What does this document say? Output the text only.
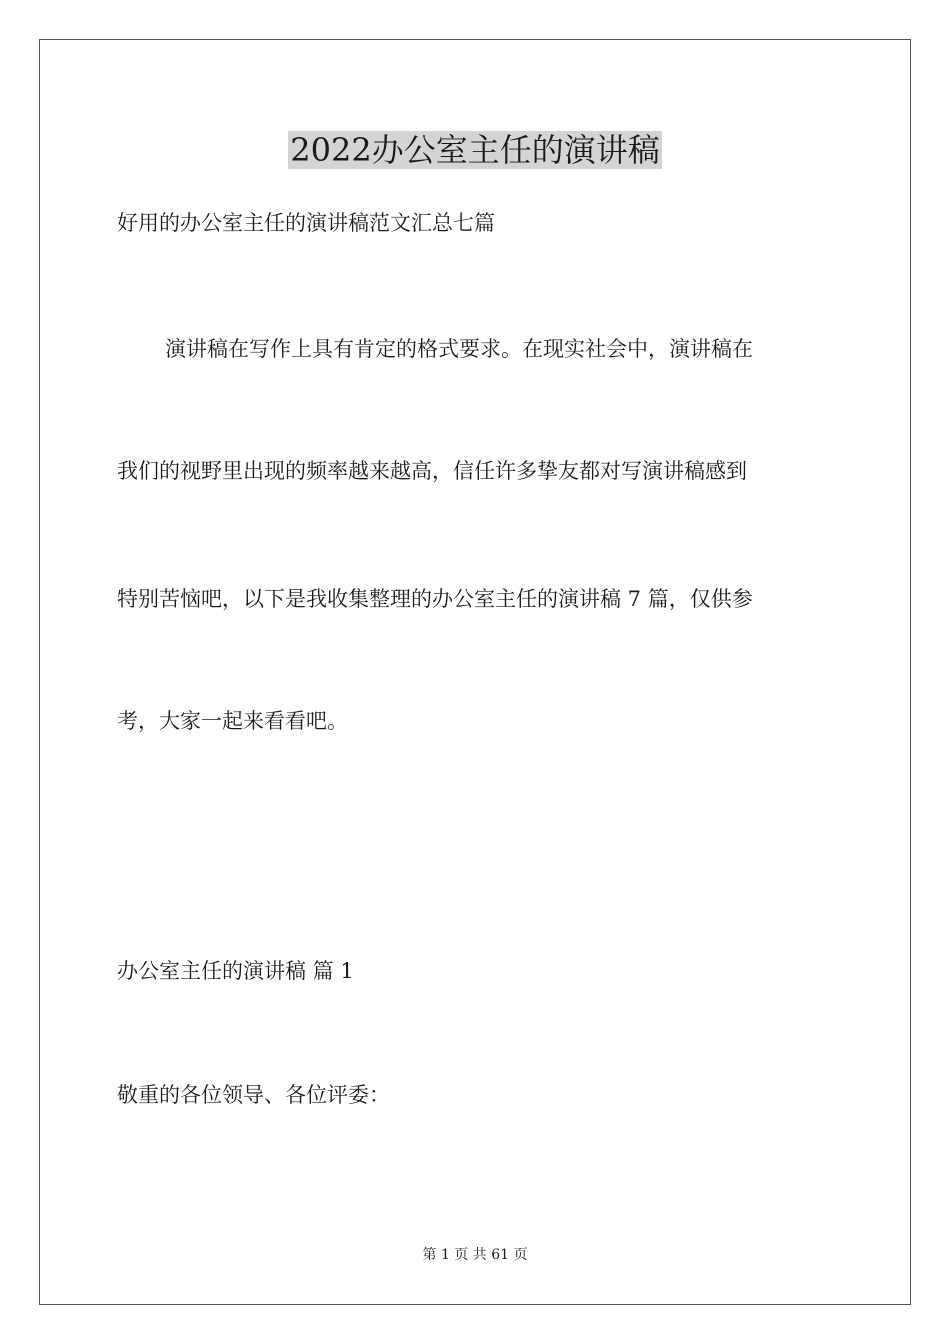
2022办公室主任的演讲稿
好用的办公室主任的演讲稿范文汇总七篇
演讲稿在写作上具有肯定的格式要求。在现实社会中，演讲稿在
我们的视野里出现的频率越来越高，信任许多挚友都对写演讲稿感到
特别苦恼吧，以下是我收集整理的办公室主任的演讲稿 7 篇，仅供参
考，大家一起来看看吧。
办公室主任的演讲稿 篇 1
敬重的各位领导、各位评委：
第 1 页 共 61 页
